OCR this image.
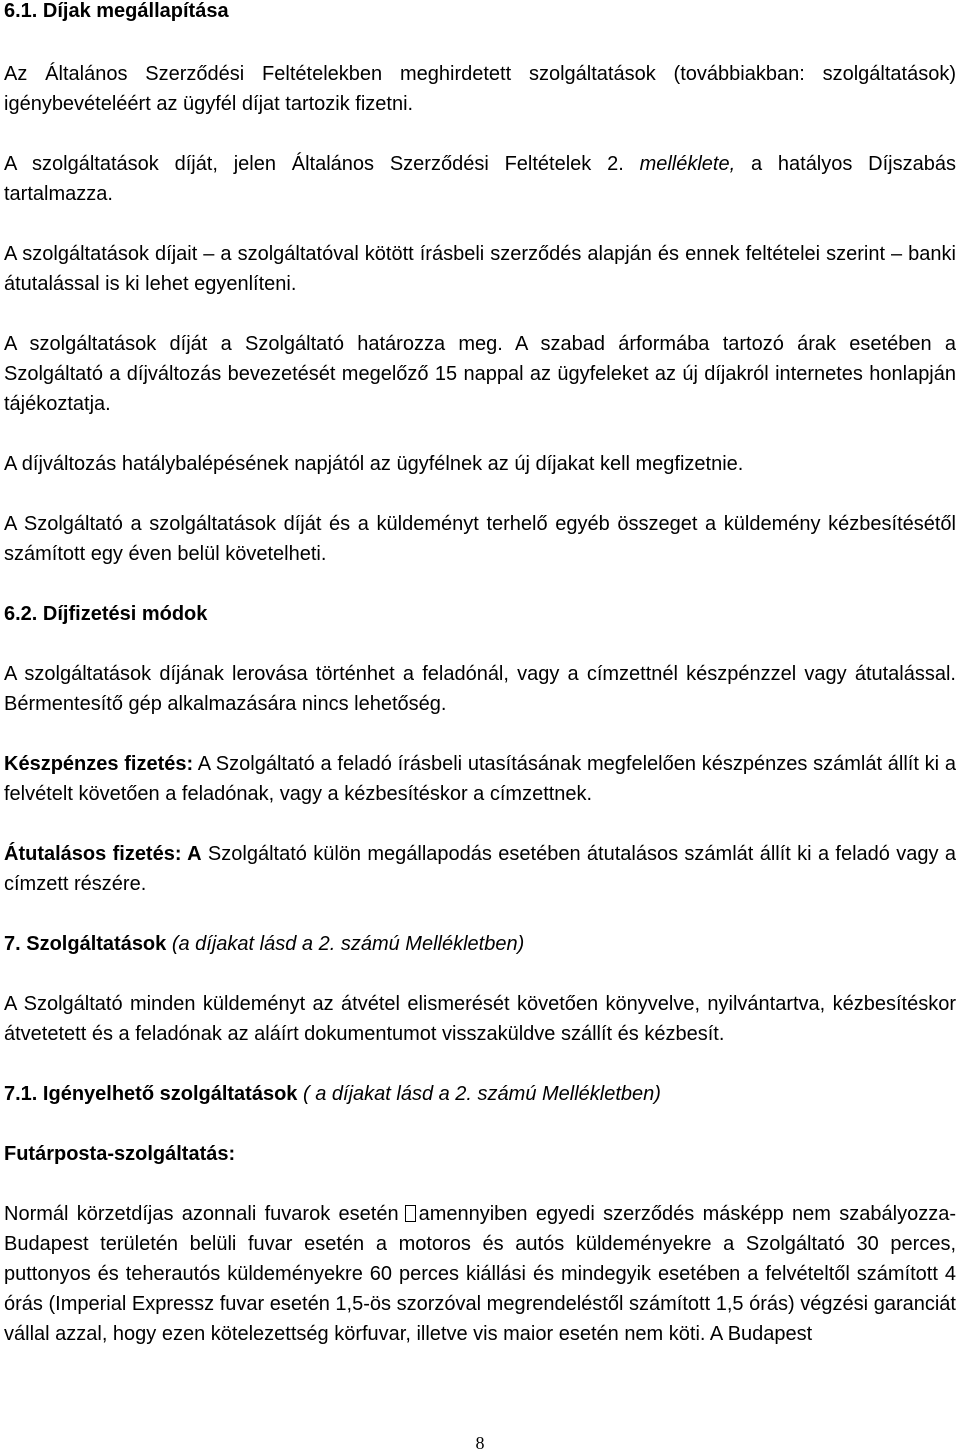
6.1. Díjak megállapítása

Az Általános Szerződési Feltételekben meghirdetett szolgáltatások (továbbiakban: szolgáltatások) igénybevételéért az ügyfél díjat tartozik fizetni.

A szolgáltatások díját, jelen Általános Szerződési Feltételek 2. melléklete, a hatályos Díjszabás tartalmazza.

A szolgáltatások díjait – a szolgáltatóval kötött írásbeli szerződés alapján és ennek feltételei szerint – banki átutalással is ki lehet egyenlíteni.

A szolgáltatások díját a Szolgáltató határozza meg. A szabad árformába tartozó árak esetében a Szolgáltató a díjváltozás bevezetését megelőző 15 nappal az ügyfeleket az új díjakról internetes honlapján tájékoztatja.

A díjváltozás hatálybalépésének napjától az ügyfélnek az új díjakat kell megfizetnie.

A Szolgáltató a szolgáltatások díját és a küldeményt terhelő egyéb összeget a küldemény kézbesítésétől számított egy éven belül követelheti.

6.2. Díjfizetési módok

A szolgáltatások díjának lerovása történhet a feladónál, vagy a címzettnél készpénzzel vagy átutalással. Bérmentesítő gép alkalmazására nincs lehetőség.

Készpénzes fizetés: A Szolgáltató a feladó írásbeli utasításának megfelelően készpénzes számlát állít ki a felvételt követően a feladónak, vagy a kézbesítéskor a címzettnek.

Átutalásos fizetés: A Szolgáltató külön megállapodás esetében átutalásos számlát állít ki a feladó vagy a címzett részére.

7. Szolgáltatások (a díjakat lásd a 2. számú Mellékletben)

A Szolgáltató minden küldeményt az átvétel elismerését követően könyvelve, nyilvántartva, kézbesítéskor átvetetett és a feladónak az aláírt dokumentumot visszaküldve szállít és kézbesít.

7.1. Igényelhető szolgáltatások ( a díjakat lásd a 2. számú Mellékletben)

Futárposta-szolgáltatás:

Normál körzetdíjas azonnali fuvarok esetén amennyiben egyedi szerződés másképp nem szabályozza- Budapest területén belüli fuvar esetén a motoros és autós küldeményekre a Szolgáltató 30 perces, puttonyos és teherautós küldeményekre 60 perces kiállási és mindegyik esetében a felvételtől számított 4 órás (Imperial Expressz fuvar esetén 1,5-ös szorzóval megrendeléstől számított 1,5 órás) végzési garanciát vállal azzal, hogy ezen kötelezettség körfuvar, illetve vis maior esetén nem köti. A Budapest

8
